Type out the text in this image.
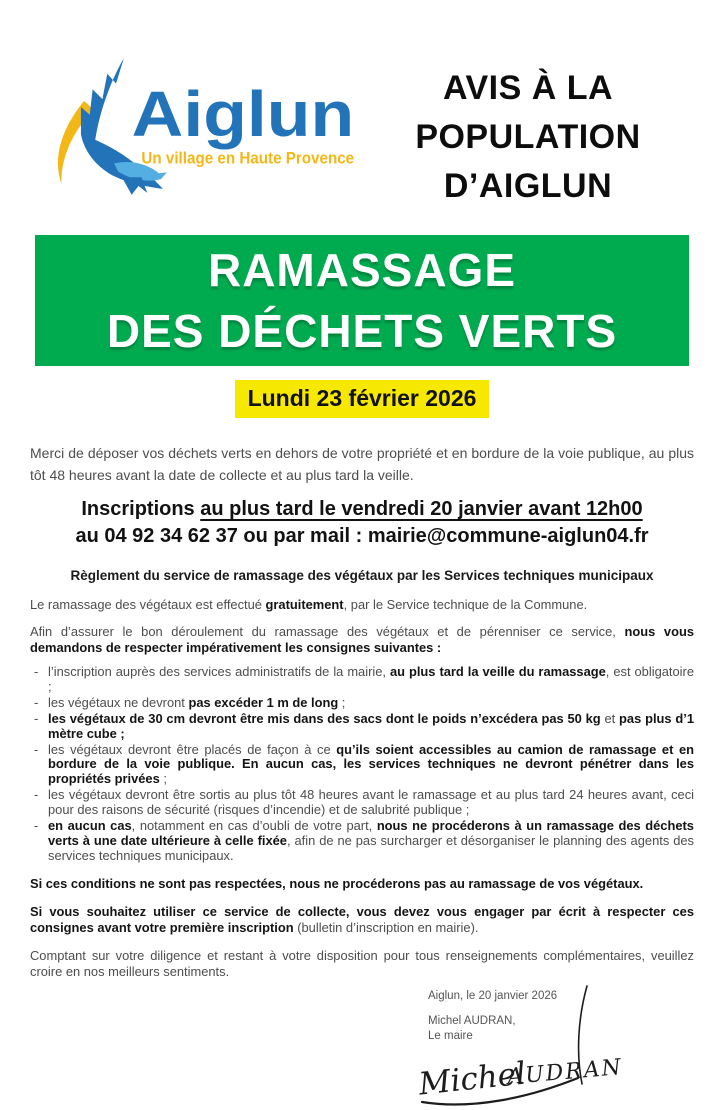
Aiglun
Un village en Haute Provence
AVIS À LA
POPULATION
D’AIGLUN
RAMASSAGE
DES DÉCHETS VERTS
Lundi 23 février 2026

Merci de déposer vos déchets verts en dehors de votre propriété et en bordure de la voie publique, au plus tôt 48 heures avant la date de collecte et au plus tard la veille.

Inscriptions au plus tard le vendredi 20 janvier avant 12h00
au 04 92 34 62 37 ou par mail : mairie@commune-aiglun04.fr
Règlement du service de ramassage des végétaux par les Services techniques municipaux

Le ramassage des végétaux est effectué gratuitement, par le Service technique de la Commune.

Afin d’assurer le bon déroulement du ramassage des végétaux et de pérenniser ce service, nous vous demandons de respecter impérativement les consignes suivantes :

- l’inscription auprès des services administratifs de la mairie, au plus tard la veille du ramassage, est obligatoire ;
- les végétaux ne devront pas excéder 1 m de long ;
- les végétaux de 30 cm devront être mis dans des sacs dont le poids n’excédera pas 50 kg et pas plus d’1 mètre cube ;
- les végétaux devront être placés de façon à ce qu’ils soient accessibles au camion de ramassage et en bordure de la voie publique. En aucun cas, les services techniques ne devront pénétrer dans les propriétés privées ;
- les végétaux devront être sortis au plus tôt 48 heures avant le ramassage et au plus tard 24 heures avant, ceci pour des raisons de sécurité (risques d’incendie) et de salubrité publique ;
- en aucun cas, notamment en cas d’oubli de votre part, nous ne procéderons à un ramassage des déchets verts à une date ultérieure à celle fixée, afin de ne pas surcharger et désorganiser le planning des agents des services techniques municipaux.

Si ces conditions ne sont pas respectées, nous ne procéderons pas au ramassage de vos végétaux.

Si vous souhaitez utiliser ce service de collecte, vous devez vous engager par écrit à respecter ces consignes avant votre première inscription (bulletin d’inscription en mairie).

Comptant sur votre diligence et restant à votre disposition pour tous renseignements complémentaires, veuillez croire en nos meilleurs sentiments.

Aiglun, le 20 janvier 2026
Michel AUDRAN,
Le maire
Michel
AUDRAN
